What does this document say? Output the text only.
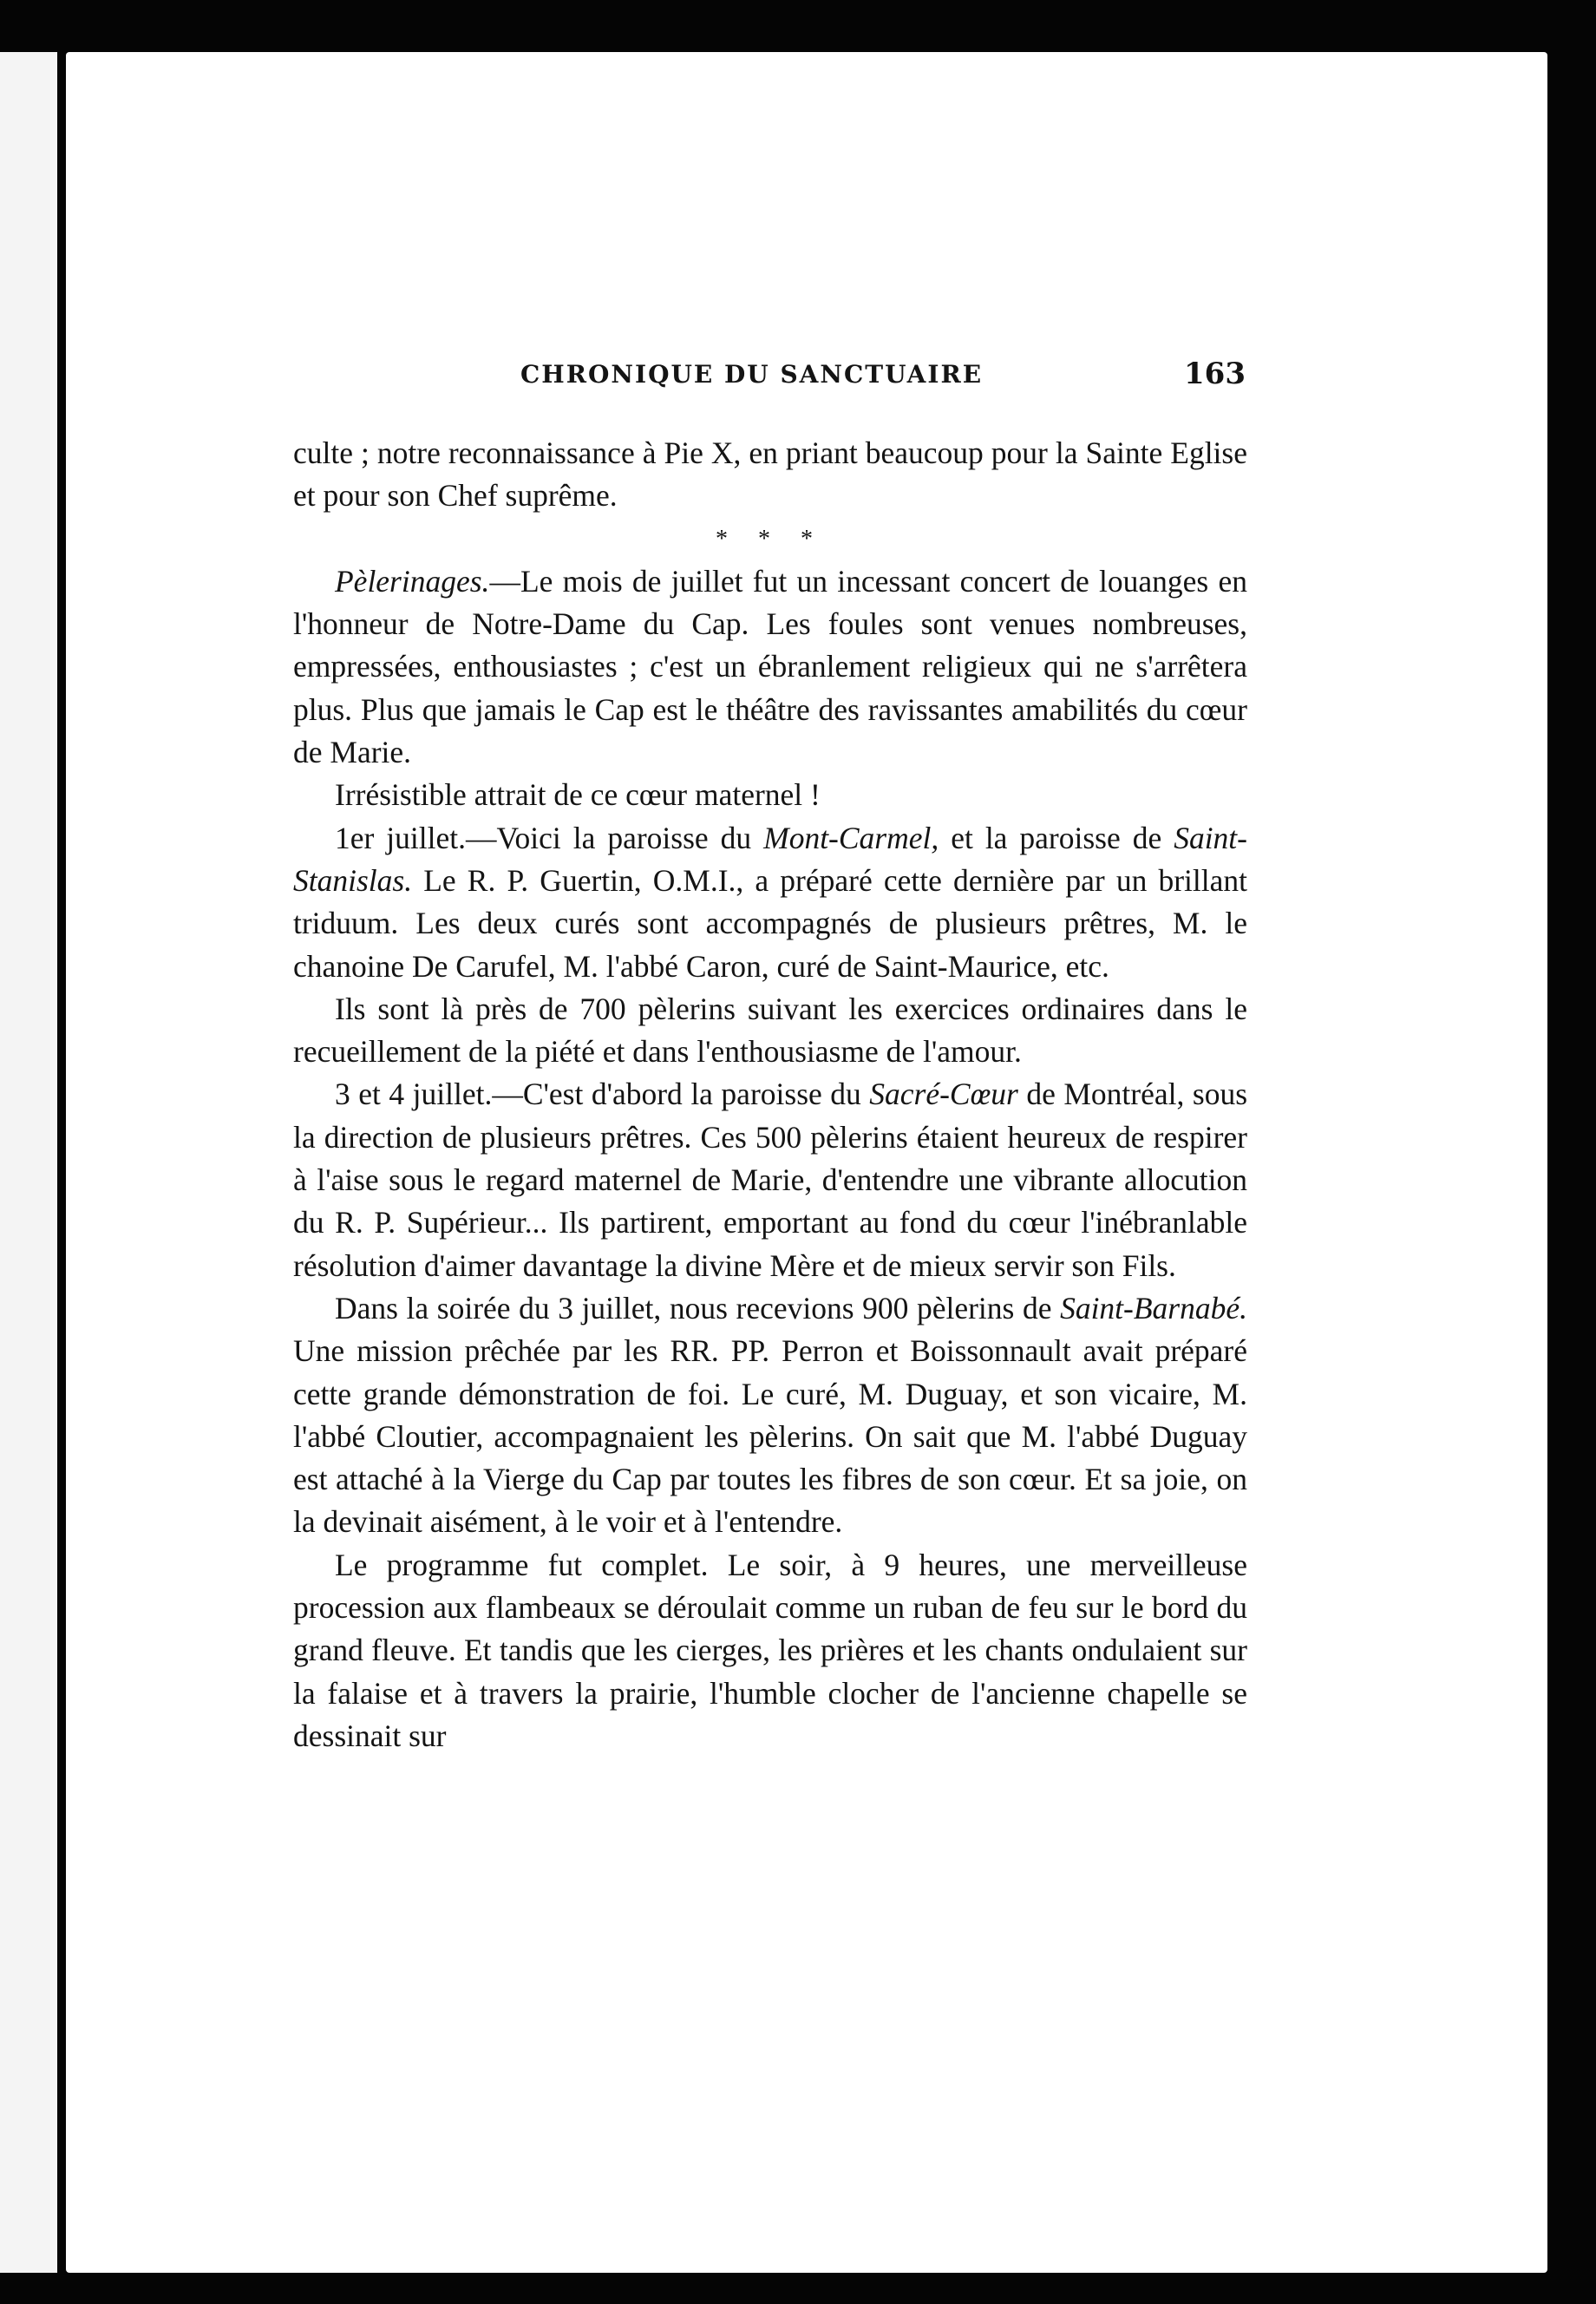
CHRONIQUE DU SANCTUAIRE	163

culte ; notre reconnaissance à Pie X, en priant beaucoup pour la Sainte Eglise et pour son Chef suprême.

* * *

Pèlerinages.—Le mois de juillet fut un incessant concert de louanges en l'honneur de Notre-Dame du Cap. Les foules sont venues nombreuses, empressées, enthousiastes ; c'est un ébranlement religieux qui ne s'arrêtera plus. Plus que jamais le Cap est le théâtre des ravissantes amabilités du cœur de Marie.

Irrésistible attrait de ce cœur maternel !

1er juillet.—Voici la paroisse du Mont-Carmel, et la paroisse de Saint-Stanislas. Le R. P. Guertin, O.M.I., a préparé cette dernière par un brillant triduum. Les deux curés sont accompagnés de plusieurs prêtres, M. le chanoine De Carufel, M. l'abbé Caron, curé de Saint-Maurice, etc.

Ils sont là près de 700 pèlerins suivant les exercices ordinaires dans le recueillement de la piété et dans l'enthousiasme de l'amour.

3 et 4 juillet.—C'est d'abord la paroisse du Sacré-Cœur de Montréal, sous la direction de plusieurs prêtres. Ces 500 pèlerins étaient heureux de respirer à l'aise sous le regard maternel de Marie, d'entendre une vibrante allocution du R. P. Supérieur... Ils partirent, emportant au fond du cœur l'inébranlable résolution d'aimer davantage la divine Mère et de mieux servir son Fils.

Dans la soirée du 3 juillet, nous recevions 900 pèlerins de Saint-Barnabé. Une mission prêchée par les RR. PP. Perron et Boissonnault avait préparé cette grande démonstration de foi. Le curé, M. Duguay, et son vicaire, M. l'abbé Cloutier, accompagnaient les pèlerins. On sait que M. l'abbé Duguay est attaché à la Vierge du Cap par toutes les fibres de son cœur. Et sa joie, on la devinait aisément, à le voir et à l'entendre.

Le programme fut complet. Le soir, à 9 heures, une merveilleuse procession aux flambeaux se déroulait comme un ruban de feu sur le bord du grand fleuve. Et tandis que les cierges, les prières et les chants ondulaient sur la falaise et à travers la prairie, l'humble clocher de l'ancienne chapelle se dessinait sur
